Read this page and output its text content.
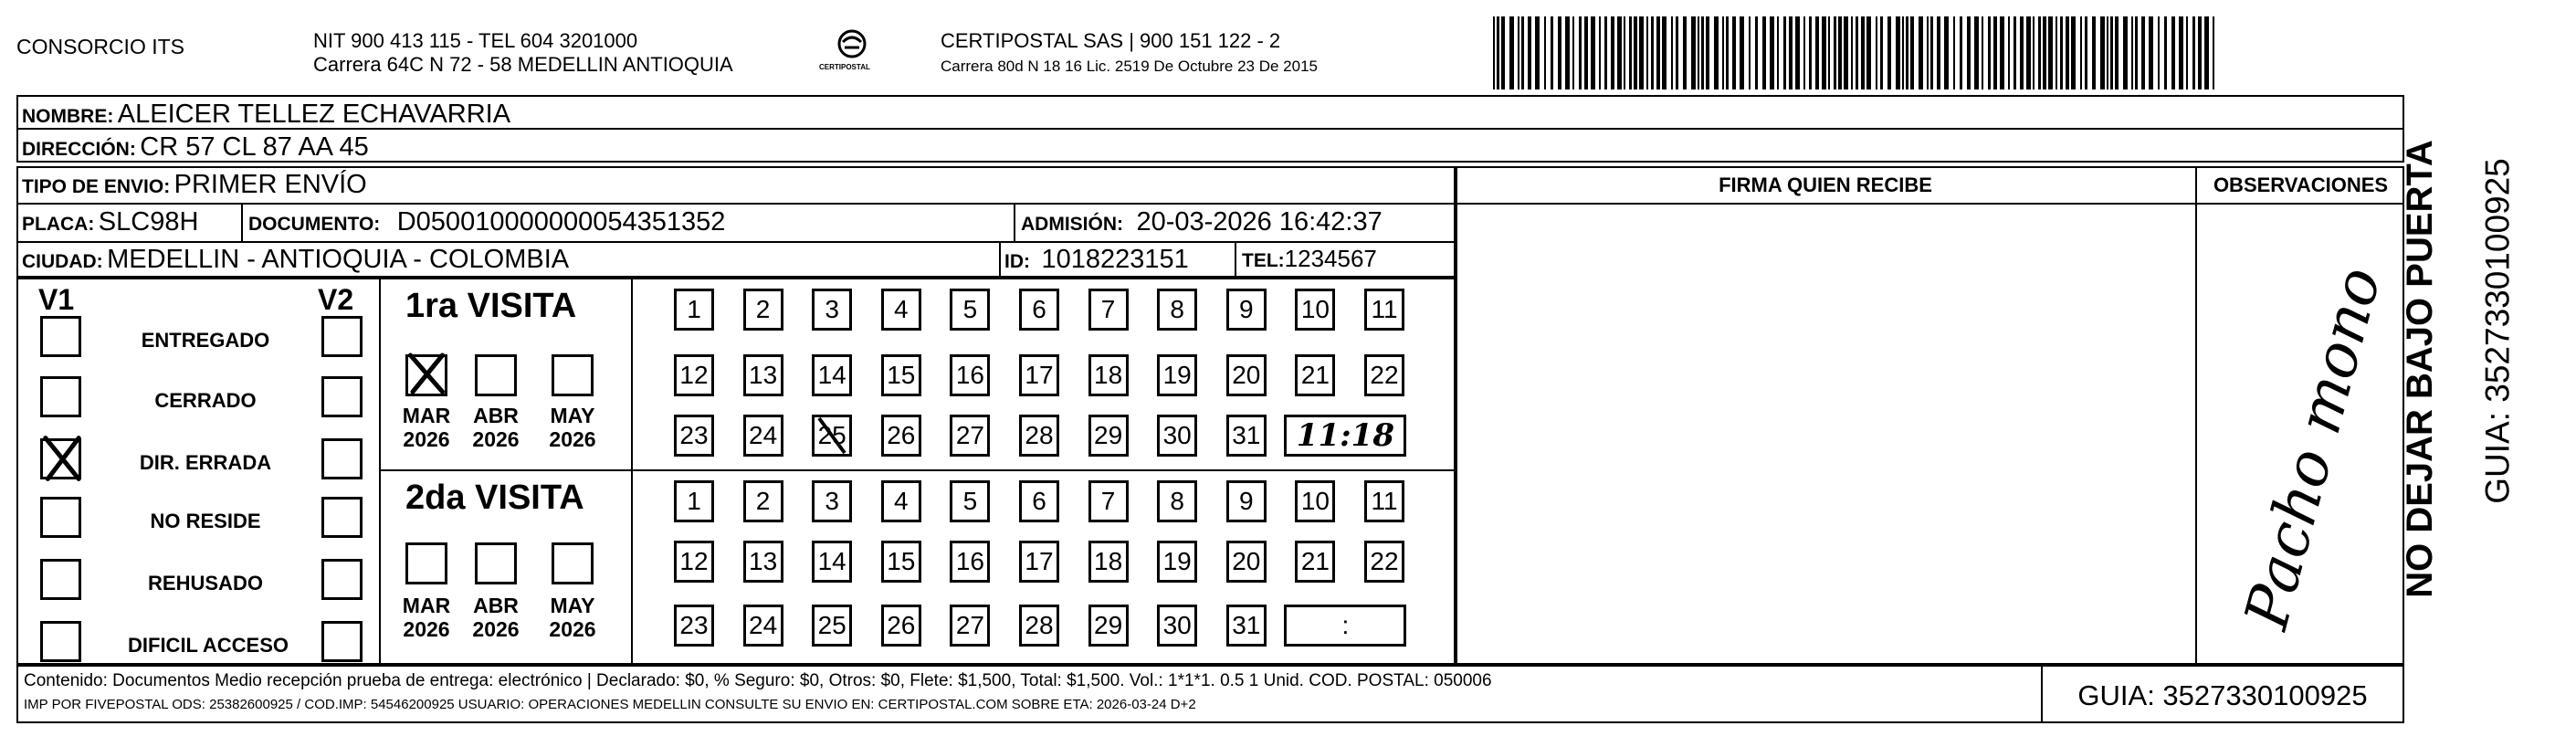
CONSORCIO ITS	NIT 900 413 115 - TEL 604 3201000
Carrera 64C N 72 - 58 MEDELLIN ANTIOQUIA	CERTIPOSTAL
CERTIPOSTAL SAS | 900 151 122 - 2
Carrera 80d N 18 16 Lic. 2519 De Octubre 23 De 2015
NOMBRE: ALEICER TELLEZ ECHAVARRIA
DIRECCIÓN: CR 57 CL 87 AA 45
TIPO DE ENVIO: PRIMER ENVÍO
PLACA: SLC98H	DOCUMENTO: D050010000000054351352	ADMISIÓN: 20-03-2026 16:42:37
CIUDAD: MEDELLIN - ANTIOQUIA - COLOMBIA	ID: 1018223151	TEL:1234567
FIRMA QUIEN RECIBE	OBSERVACIONES
Pacho mono
V1	V2
ENTREGADO
CERRADO
DIR. ERRADA
NO RESIDE
REHUSADO
DIFICIL ACCESO
1ra VISITA
MAR
2026
ABR
2026
MAY
2026
1	2	3	4	5	6	7	8	9	10 11
12 13 14 15 16 17 18 19 20 21 22
23 24 25 26 27 28 29 30 31	11:18
2da VISITA
MAR
2026
ABR
2026
MAY
2026
1	2	3	4	5	6	7	8	9	10 11
12 13 14 15 16 17 18 19 20 21 22
23 24 25 26 27 28 29 30 31	:
Contenido: Documentos Medio recepción prueba de entrega: electrónico | Declarado: $0, % Seguro: $0, Otros: $0, Flete: $1,500, Total: $1,500. Vol.: 1*1*1. 0.5 1 Unid. COD. POSTAL: 050006
IMP POR FIVEPOSTAL ODS: 25382600925 / COD.IMP: 54546200925 USUARIO: OPERACIONES MEDELLIN CONSULTE SU ENVIO EN: CERTIPOSTAL.COM SOBRE ETA: 2026-03-24 D+2	GUIA: 3527330100925
NO DEJAR BAJO PUERTA GUIA: 3527330100925
